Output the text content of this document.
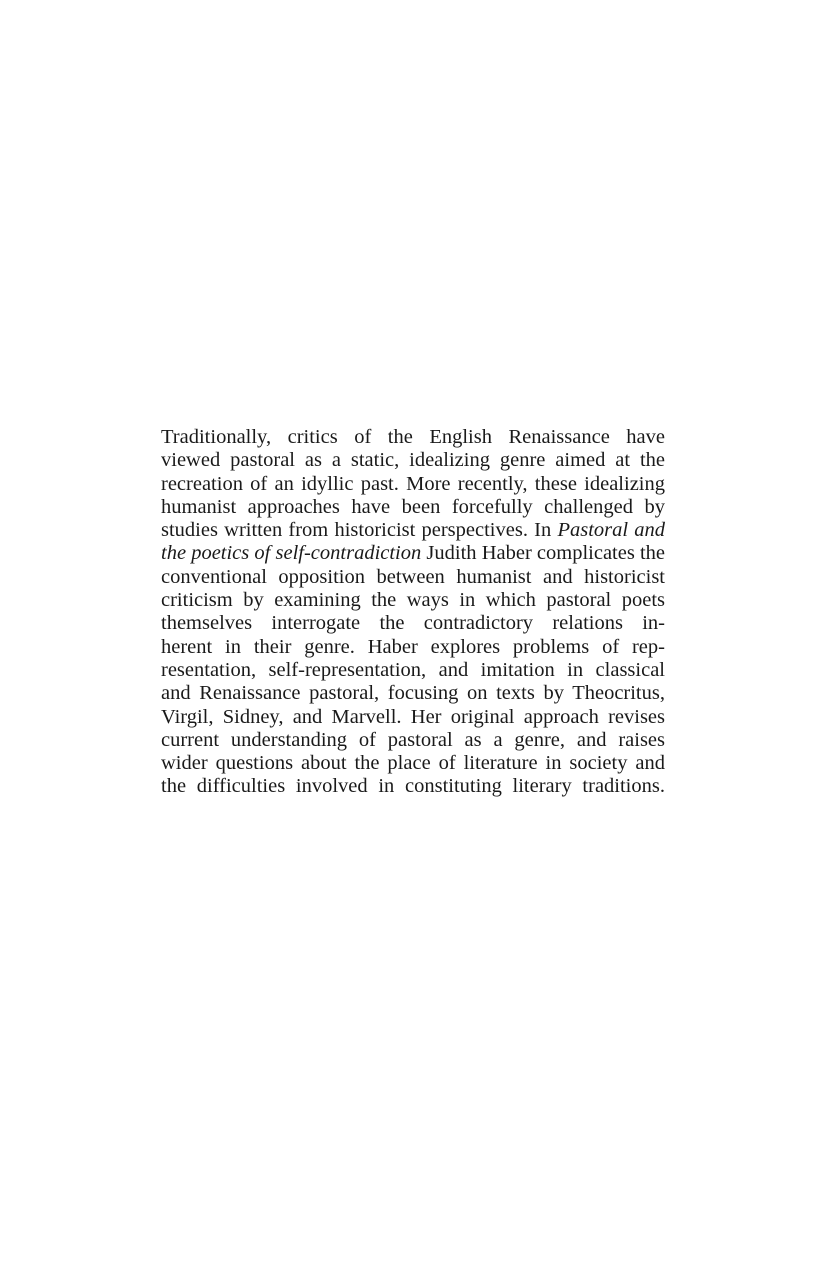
Traditionally, critics of the English Renaissance have
viewed pastoral as a static, idealizing genre aimed at the
recreation of an idyllic past. More recently, these idealizing
humanist approaches have been forcefully challenged by
studies written from historicist perspectives. In Pastoral and
the poetics of self-contradiction Judith Haber complicates the
conventional opposition between humanist and historicist
criticism by examining the ways in which pastoral poets
themselves interrogate the contradictory relations in-
herent in their genre. Haber explores problems of rep-
resentation, self-representation, and imitation in classical
and Renaissance pastoral, focusing on texts by Theocritus,
Virgil, Sidney, and Marvell. Her original approach revises
current understanding of pastoral as a genre, and raises
wider questions about the place of literature in society and
the difficulties involved in constituting literary traditions.
